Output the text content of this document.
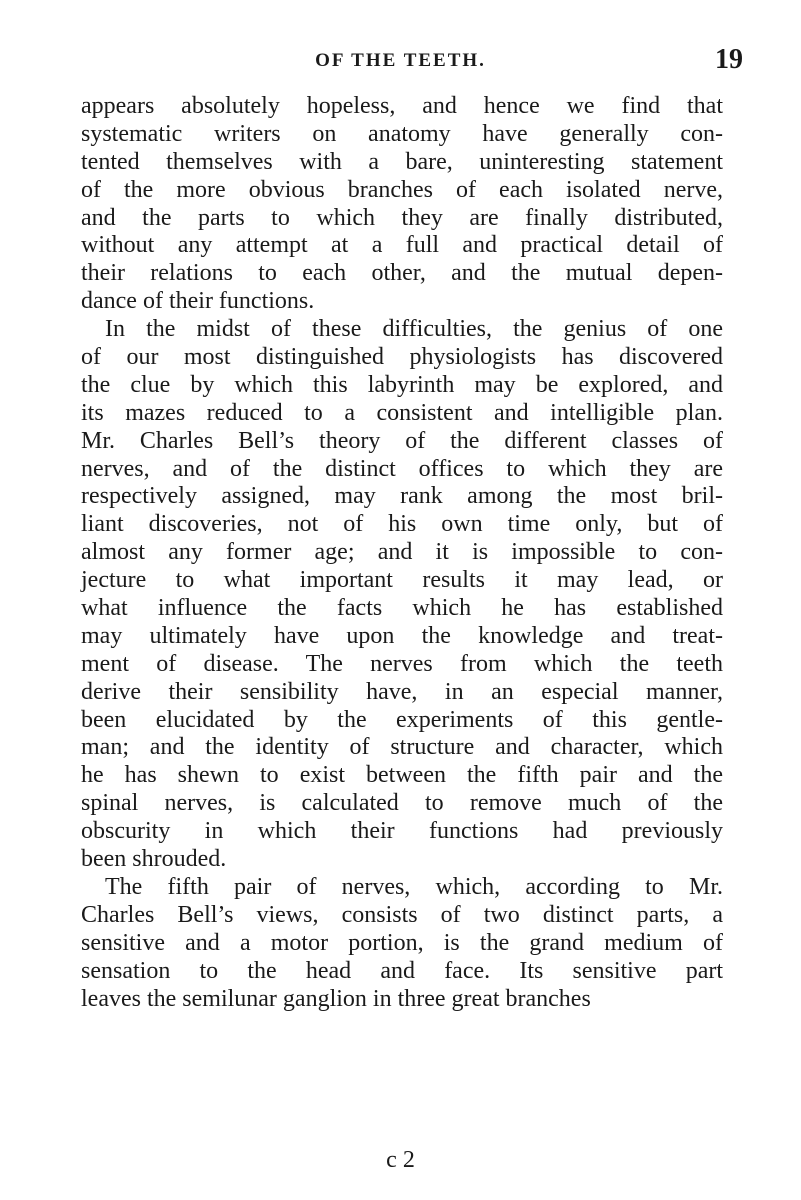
OF THE TEETH.	19
appears absolutely hopeless, and hence we find that
systematic writers on anatomy have generally con-
tented themselves with a bare, uninteresting statement
of the more obvious branches of each isolated nerve,
and the parts to which they are finally distributed,
without any attempt at a full and practical detail of
their relations to each other, and the mutual depen-
dance of their functions.
In the midst of these difficulties, the genius of one
of our most distinguished physiologists has discovered
the clue by which this labyrinth may be explored, and
its mazes reduced to a consistent and intelligible plan.
Mr. Charles Bell’s theory of the different classes of
nerves, and of the distinct offices to which they are
respectively assigned, may rank among the most bril-
liant discoveries, not of his own time only, but of
almost any former age; and it is impossible to con-
jecture to what important results it may lead, or
what influence the facts which he has established
may ultimately have upon the knowledge and treat-
ment of disease. The nerves from which the teeth
derive their sensibility have, in an especial manner,
been elucidated by the experiments of this gentle-
man; and the identity of structure and character, which
he has shewn to exist between the fifth pair and the
spinal nerves, is calculated to remove much of the
obscurity in which their functions had previously
been shrouded.
The fifth pair of nerves, which, according to Mr.
Charles Bell’s views, consists of two distinct parts, a
sensitive and a motor portion, is the grand medium of
sensation to the head and face. Its sensitive part
leaves the semilunar ganglion in three great branches
c 2
